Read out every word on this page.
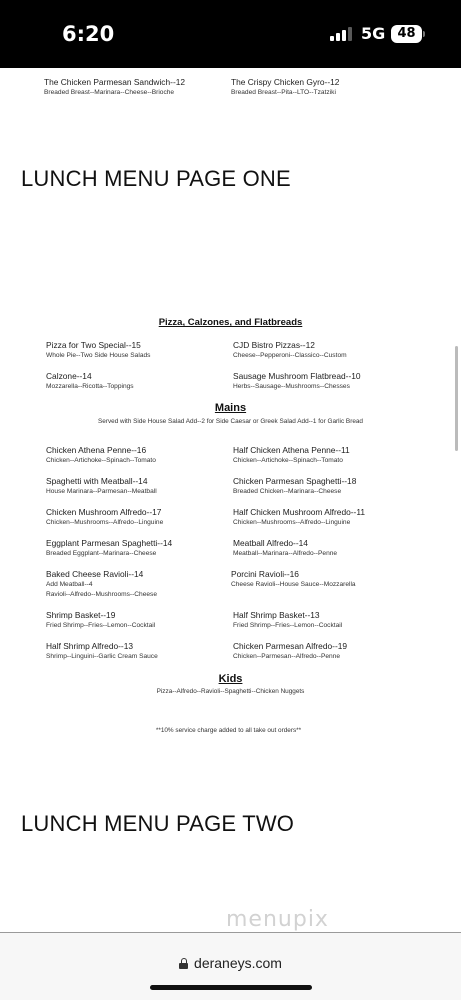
6:20	5G 48
The Chicken Parmesan Sandwich--12
Breaded Breast--Marinara--Cheese--Brioche
The Crispy Chicken Gyro--12
Breaded Breast--Pita--LTO--Tzatziki
LUNCH MENU PAGE ONE
Pizza, Calzones, and Flatbreads
Pizza for Two Special--15
Whole Pie--Two Side House Salads
CJD Bistro Pizzas--12
Cheese--Pepperoni--Classico--Custom
Calzone--14
Mozzarella--Ricotta--Toppings
Sausage Mushroom Flatbread--10
Herbs--Sausage--Mushrooms--Chesses
Mains
Served with Side House Salad Add--2 for Side Caesar or Greek Salad Add--1 for Garlic Bread
Chicken Athena Penne--16
Chicken--Artichoke--Spinach--Tomato
Half Chicken Athena Penne--11
Chicken--Artichoke--Spinach--Tomato
Spaghetti with Meatball--14
House Marinara--Parmesan--Meatball
Chicken Parmesan Spaghetti--18
Breaded Chicken--Marinara--Cheese
Chicken Mushroom Alfredo--17
Chicken--Mushrooms--Alfredo--Linguine
Half Chicken Mushroom Alfredo--11
Chicken--Mushrooms--Alfredo--Linguine
Eggplant Parmesan Spaghetti--14
Breaded Eggplant--Marinara--Cheese
Meatball Alfredo--14
Meatball--Marinara--Alfredo--Penne
Baked Cheese Ravioli--14
Add Meatball--4
Ravioli--Alfredo--Mushrooms--Cheese
Porcini Ravioli--16
Cheese Ravioli--House Sauce--Mozzarella
Shrimp Basket--19
Fried Shrimp--Fries--Lemon--Cocktail
Half Shrimp Basket--13
Fried Shrimp--Fries--Lemon--Cocktail
Half Shrimp Alfredo--13
Shrimp--Linguini--Garlic Cream Sauce
Chicken Parmesan Alfredo--19
Chicken--Parmesan--Alfredo--Penne
Kids
Pizza--Alfredo--Ravioli--Spaghetti--Chicken Nuggets
**10% service charge added to all take out orders**
LUNCH MENU PAGE TWO
menupix
deraneys.com
